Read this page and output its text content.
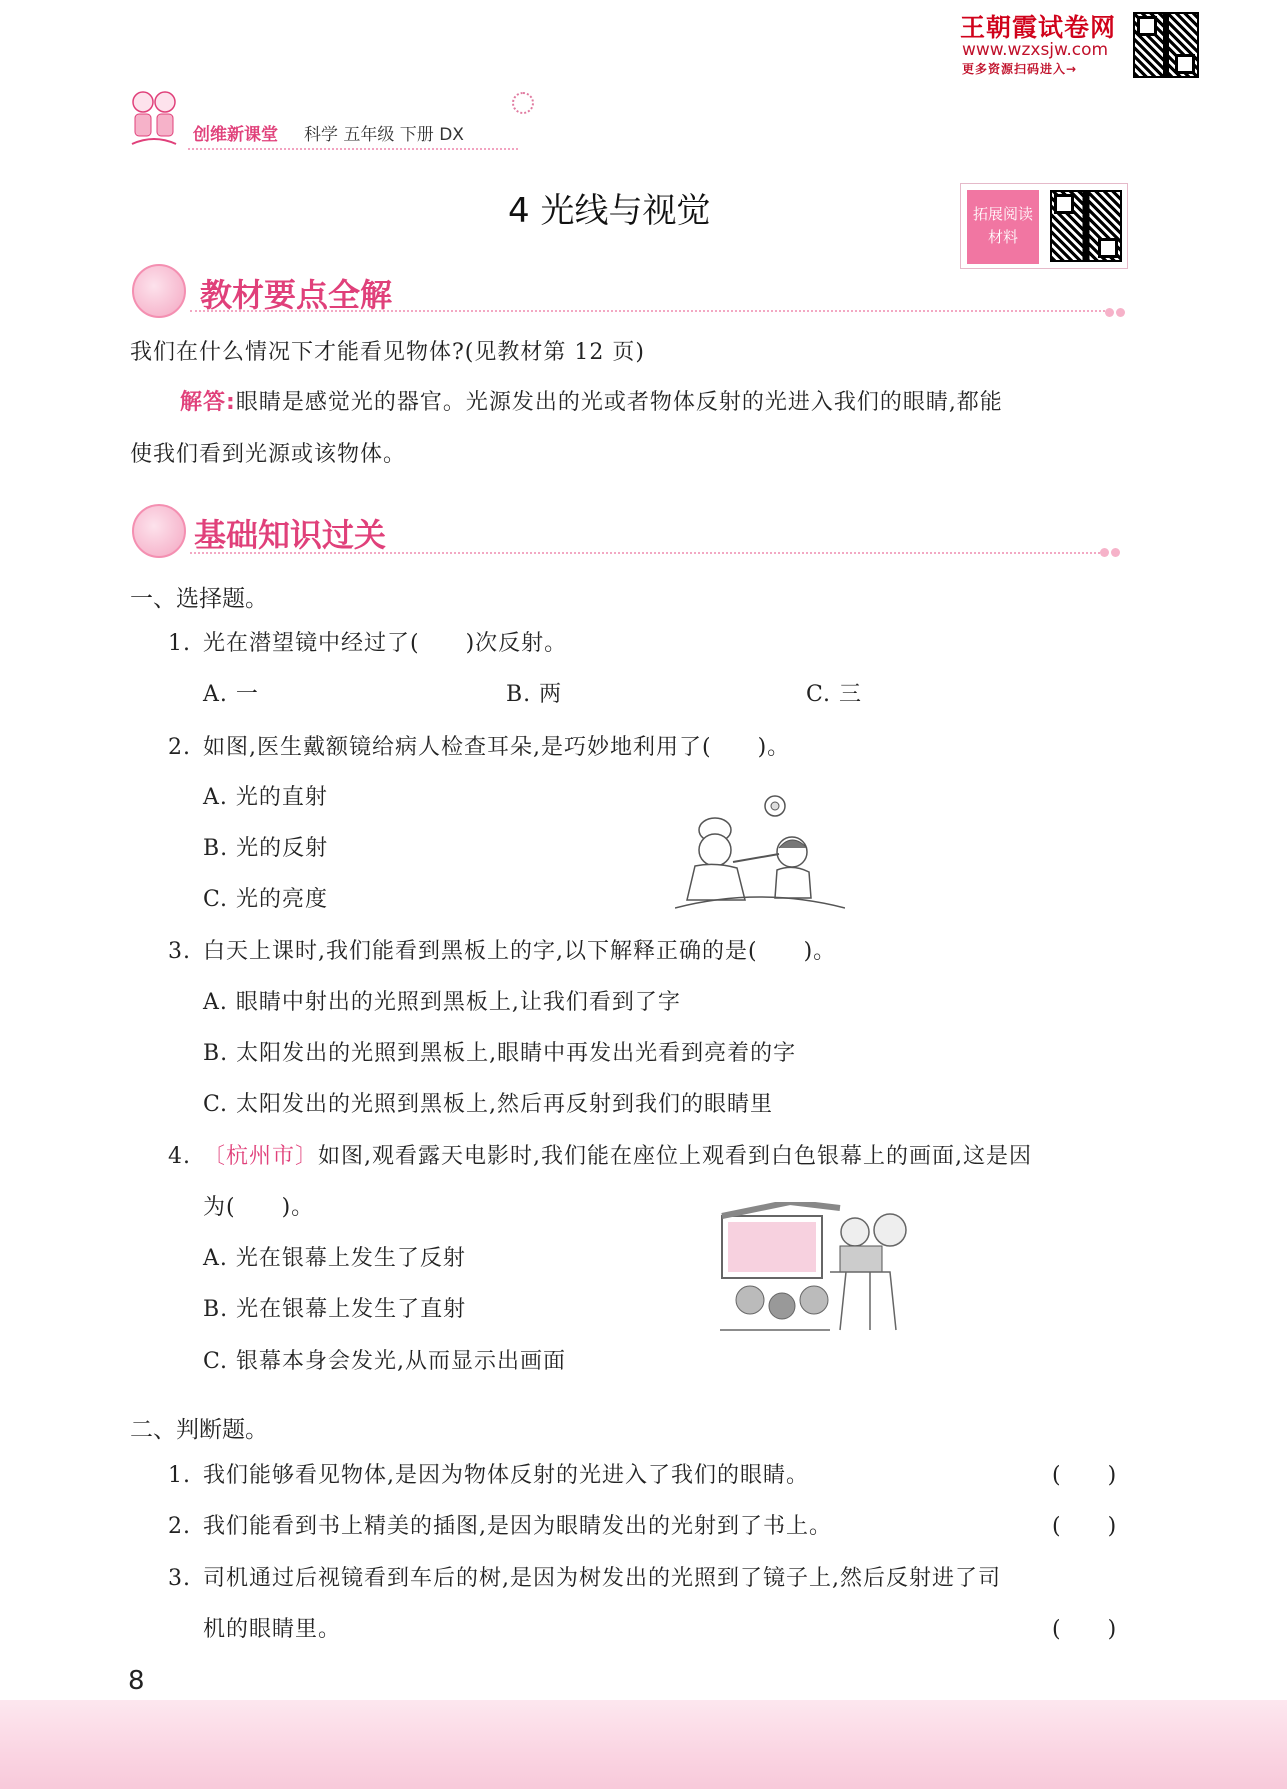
王朝霞试卷网
www.wzxsjw.com
更多资源扫码进入→
创维新课堂 科学 五年级 下册 DX
4 光线与视觉	拓展阅读
材料
教材要点全解
我们在什么情况下才能看见物体?(见教材第 12 页)
解答:眼睛是感觉光的器官。光源发出的光或者物体反射的光进入我们的眼睛,都能
使我们看到光源或该物体。
基础知识过关
一、选择题。
1. 光在潜望镜中经过了(　　)次反射。
A. 一	B. 两	C. 三
2. 如图,医生戴额镜给病人检查耳朵,是巧妙地利用了(　　)。
A. 光的直射
B. 光的反射
C. 光的亮度
3. 白天上课时,我们能看到黑板上的字,以下解释正确的是(　　)。
A. 眼睛中射出的光照到黑板上,让我们看到了字
B. 太阳发出的光照到黑板上,眼睛中再发出光看到亮着的字
C. 太阳发出的光照到黑板上,然后再反射到我们的眼睛里
4. 〔杭州市〕如图,观看露天电影时,我们能在座位上观看到白色银幕上的画面,这是因
为(　　)。
A. 光在银幕上发生了反射
B. 光在银幕上发生了直射
C. 银幕本身会发光,从而显示出画面
二、判断题。
1. 我们能够看见物体,是因为物体反射的光进入了我们的眼睛。	(　　)
2. 我们能看到书上精美的插图,是因为眼睛发出的光射到了书上。	(　　)
3. 司机通过后视镜看到车后的树,是因为树发出的光照到了镜子上,然后反射进了司
机的眼睛里。	(　　)
8
